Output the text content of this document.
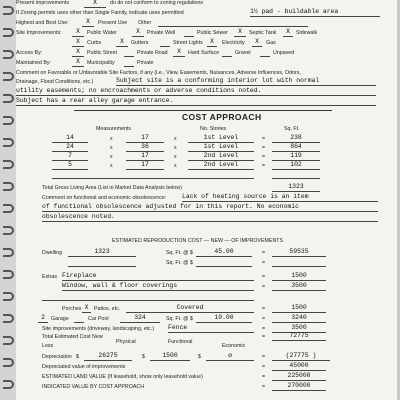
Present improvements	X	do do not conform to zoning regulations
If Zoning permits uses other than Single Family, indicate uses permitted	1½ pad - buildable area
Highest and Best Use:	X	Present Use Other
Site Improvements:	X	Public Water	X	Private Well	Public Sewer	X	Septic Tank	X	Sidewalk
X	Curbs	X	Gutters	Street Lights	X	Electricity	X	Gas
Access By:	X	Public Street	Private Road	X	Hard Surface	Gravel	Unpaved
Maintained By:	X	Municipality	Private
Comment on Favorable or Unfavorable Site Factors, if any (i.e., View, Easements, Nuisances, Adverse Influences, Odors,
Drainage, Flood Conditions, etc.)	Subject site is a conforming interior lot with normal
utility easements; no encroachments or adverse conditions noted.
Subject has a rear alley garage entrance.
COST APPROACH
Measurements	No. Stories	Sq. Ft.
14	x	17	x	1st Level	=	238
24	x	36	x	1st Level	=	864
7	x	17	x	2nd Level	=	119
5	x	17	x	2nd Level	=	102
Total Gross Living Area (List in Market Data Analysis below)	1323
Comment on functional and economic obsolescence: Lack of heating source is an item
of functional obsolescence adjusted for in this report. No economic
obsolescence noted.
ESTIMATED REPRODUCTION COST — NEW — OF IMPROVEMENTS
Dwelling	1323	Sq. Ft. @ $	45.00	=	59535
Sq. Ft. @ $	=
Extras Fireplace	=	1500
Window, wall & floor coverings	=	3500
Porches X	Patios, etc.	Covered	=	1500
2	Garage	Car Pool	324	Sq. Ft. @ $	10.00	=	3240
Site improvements (driveway, landscaping, etc.) Fence	=	3500
Total Estimated Cost New	=	72775
Less
Physical	Functional
Economic
Depreciation $	26275	$	1500	$	ø	=	(27775 )
Depreciated value of improvements	=	45000
ESTIMATED LAND VALUE (If leasehold, show only leasehold value)	=	225000
INDICATED VALUE BY COST APPROACH	=	270000
